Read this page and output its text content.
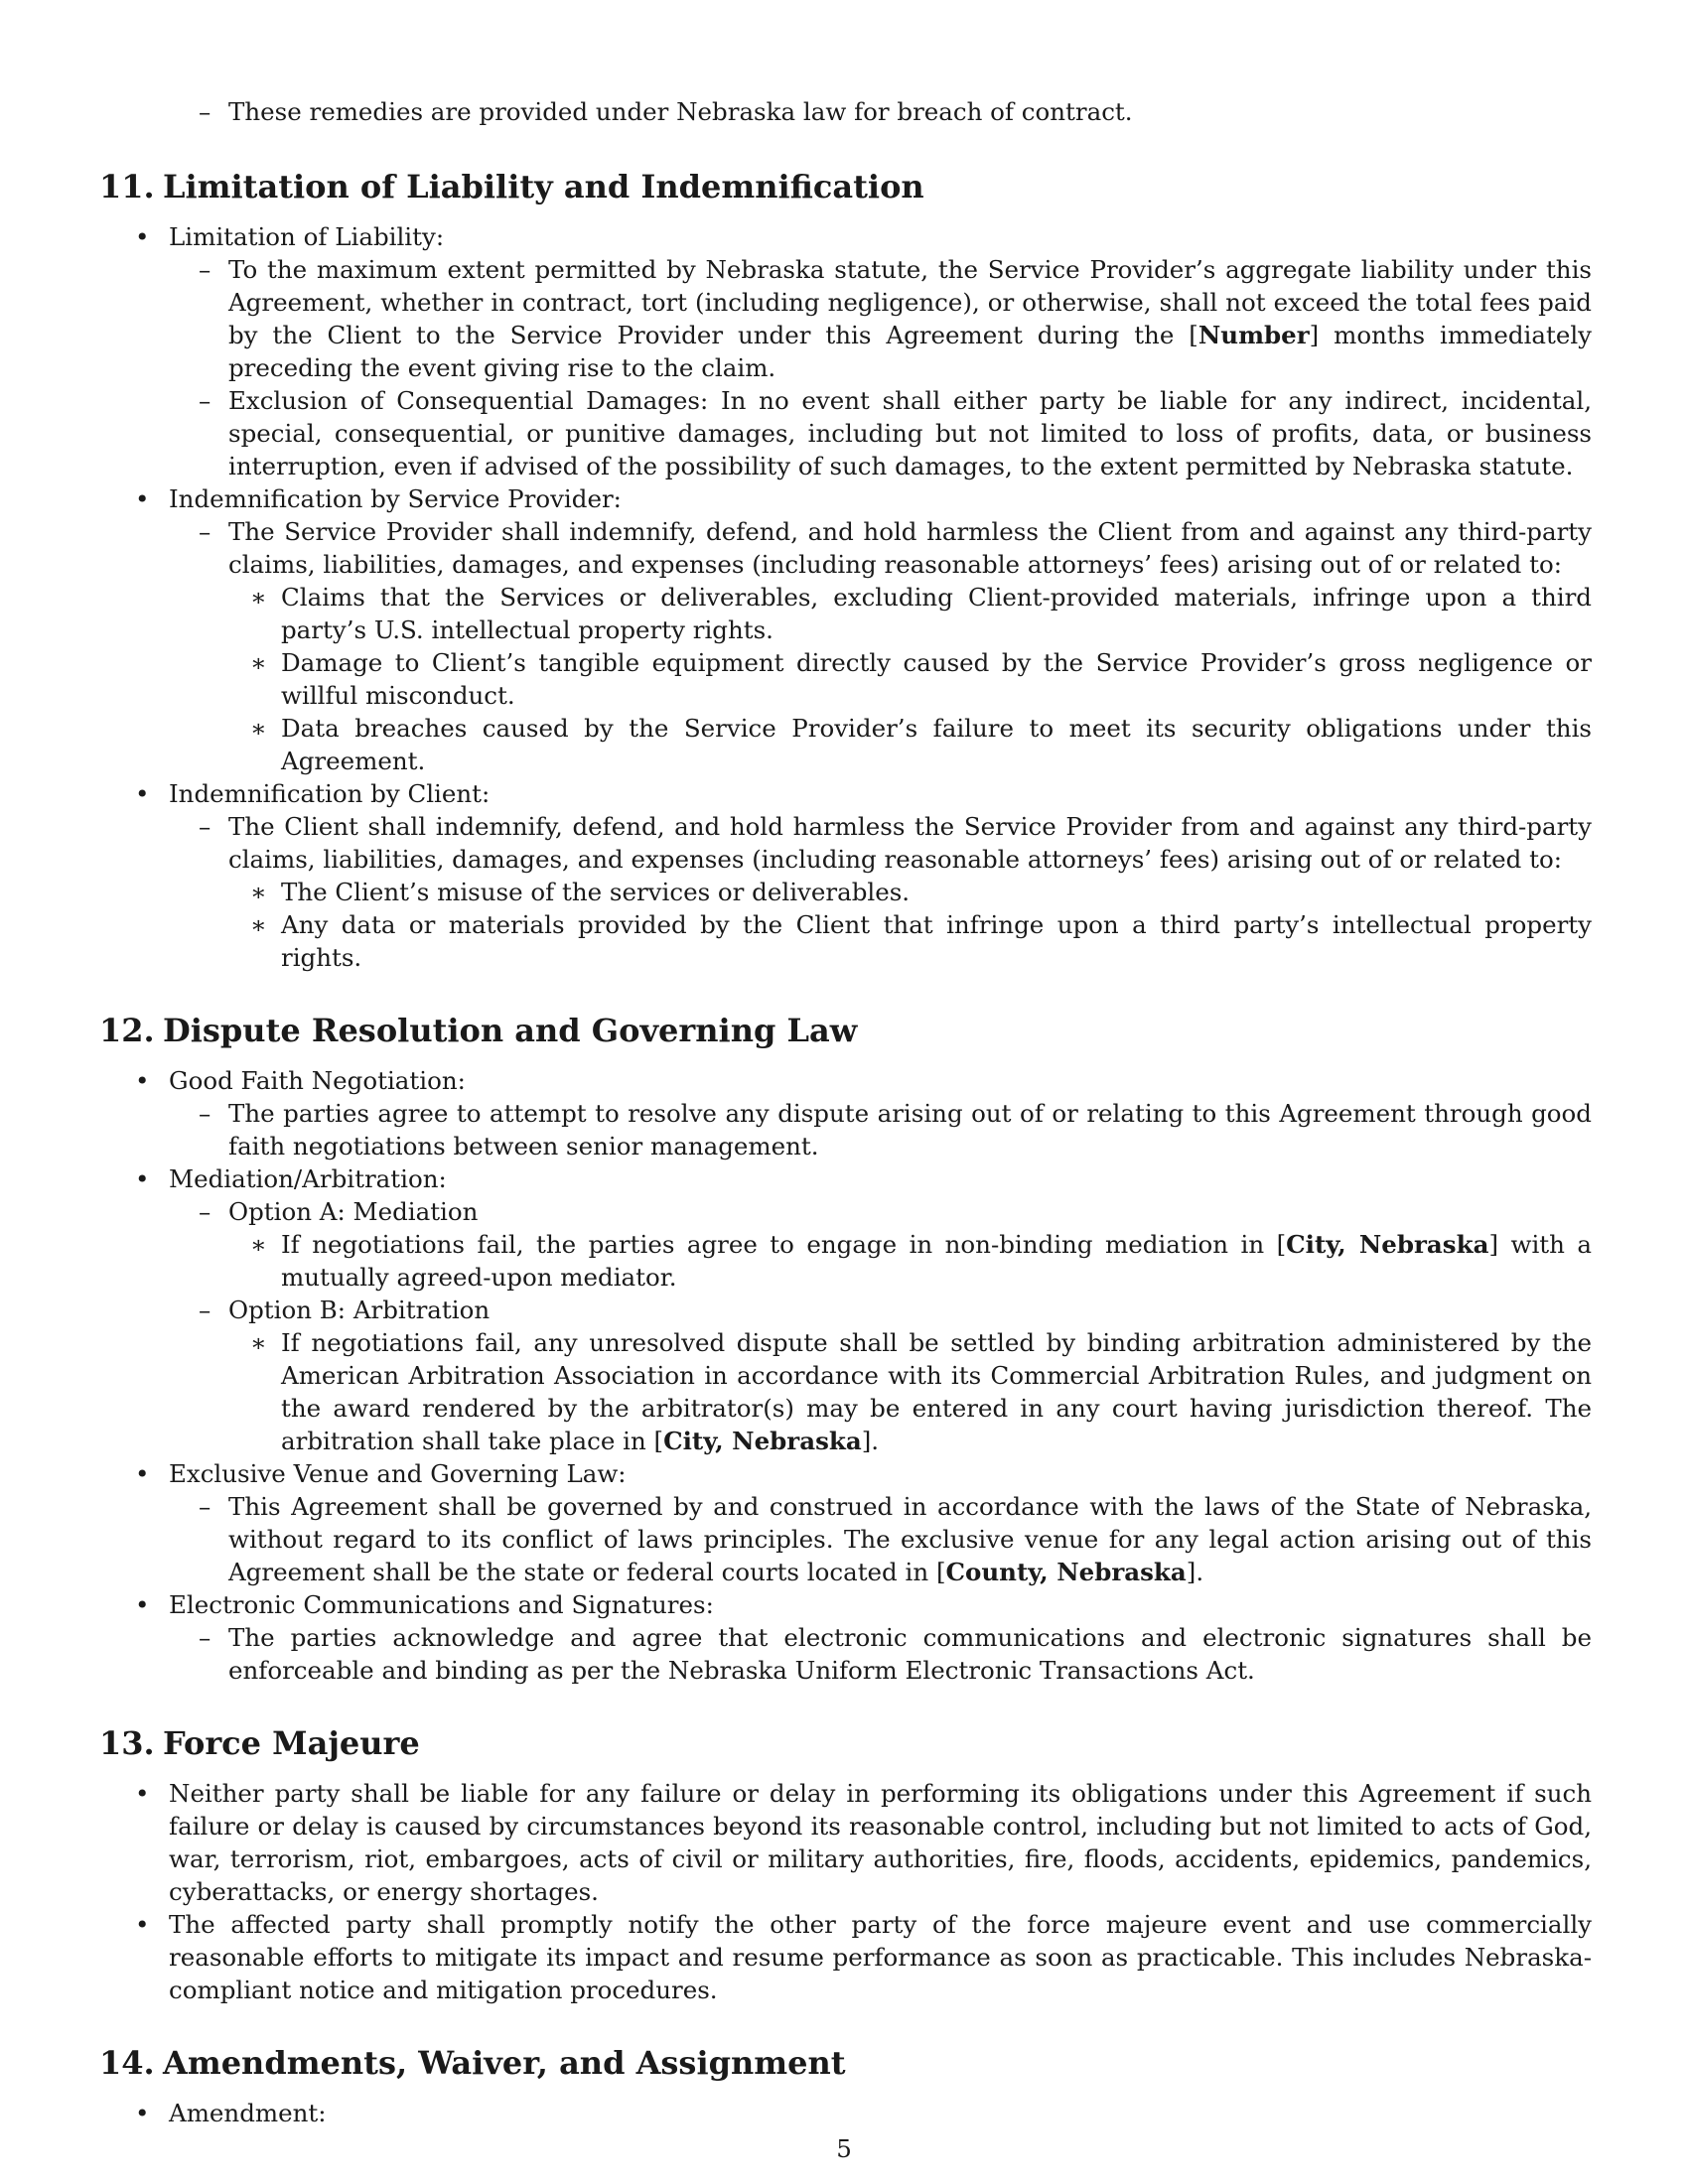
– These remedies are provided under Nebraska law for breach of contract.

11. Limitation of Liability and Indemnification

• Limitation of Liability:

– To the maximum extent permitted by Nebraska statute, the Service Provider’s aggregate liability under this Agreement, whether in contract, tort (including negligence), or otherwise, shall not exceed the total fees paid by the Client to the Service Provider under this Agreement during the [Number] months immediately preceding the event giving rise to the claim.

– Exclusion of Consequential Damages: In no event shall either party be liable for any indirect, incidental, special, consequential, or punitive damages, including but not limited to loss of profits, data, or business interruption, even if advised of the possibility of such damages, to the extent permitted by Nebraska statute.

• Indemnification by Service Provider:

– The Service Provider shall indemnify, defend, and hold harmless the Client from and against any third-party claims, liabilities, damages, and expenses (including reasonable attorneys’ fees) arising out of or related to:

∗ Claims that the Services or deliverables, excluding Client-provided materials, infringe upon a third party’s U.S. intellectual property rights.

∗ Damage to Client’s tangible equipment directly caused by the Service Provider’s gross negligence or willful misconduct.

∗ Data breaches caused by the Service Provider’s failure to meet its security obligations under this Agreement.

• Indemnification by Client:

– The Client shall indemnify, defend, and hold harmless the Service Provider from and against any third-party claims, liabilities, damages, and expenses (including reasonable attorneys’ fees) arising out of or related to:

∗ The Client’s misuse of the services or deliverables.

∗ Any data or materials provided by the Client that infringe upon a third party’s intellectual property rights.

12. Dispute Resolution and Governing Law

• Good Faith Negotiation:

– The parties agree to attempt to resolve any dispute arising out of or relating to this Agreement through good faith negotiations between senior management.

• Mediation/Arbitration:

– Option A: Mediation

∗ If negotiations fail, the parties agree to engage in non-binding mediation in [City, Nebraska] with a mutually agreed-upon mediator.

– Option B: Arbitration

∗ If negotiations fail, any unresolved dispute shall be settled by binding arbitration administered by the American Arbitration Association in accordance with its Commercial Arbitration Rules, and judgment on the award rendered by the arbitrator(s) may be entered in any court having jurisdiction thereof. The arbitration shall take place in [City, Nebraska].

• Exclusive Venue and Governing Law:

– This Agreement shall be governed by and construed in accordance with the laws of the State of Nebraska, without regard to its conflict of laws principles. The exclusive venue for any legal action arising out of this Agreement shall be the state or federal courts located in [County, Nebraska].

• Electronic Communications and Signatures:

– The parties acknowledge and agree that electronic communications and electronic signatures shall be enforceable and binding as per the Nebraska Uniform Electronic Transactions Act.

13. Force Majeure

• Neither party shall be liable for any failure or delay in performing its obligations under this Agreement if such failure or delay is caused by circumstances beyond its reasonable control, including but not limited to acts of God, war, terrorism, riot, embargoes, acts of civil or military authorities, fire, floods, accidents, epidemics, pandemics, cyberattacks, or energy shortages.

• The affected party shall promptly notify the other party of the force majeure event and use commercially reasonable efforts to mitigate its impact and resume performance as soon as practicable. This includes Nebraska-compliant notice and mitigation procedures.

14. Amendments, Waiver, and Assignment

• Amendment:

5
